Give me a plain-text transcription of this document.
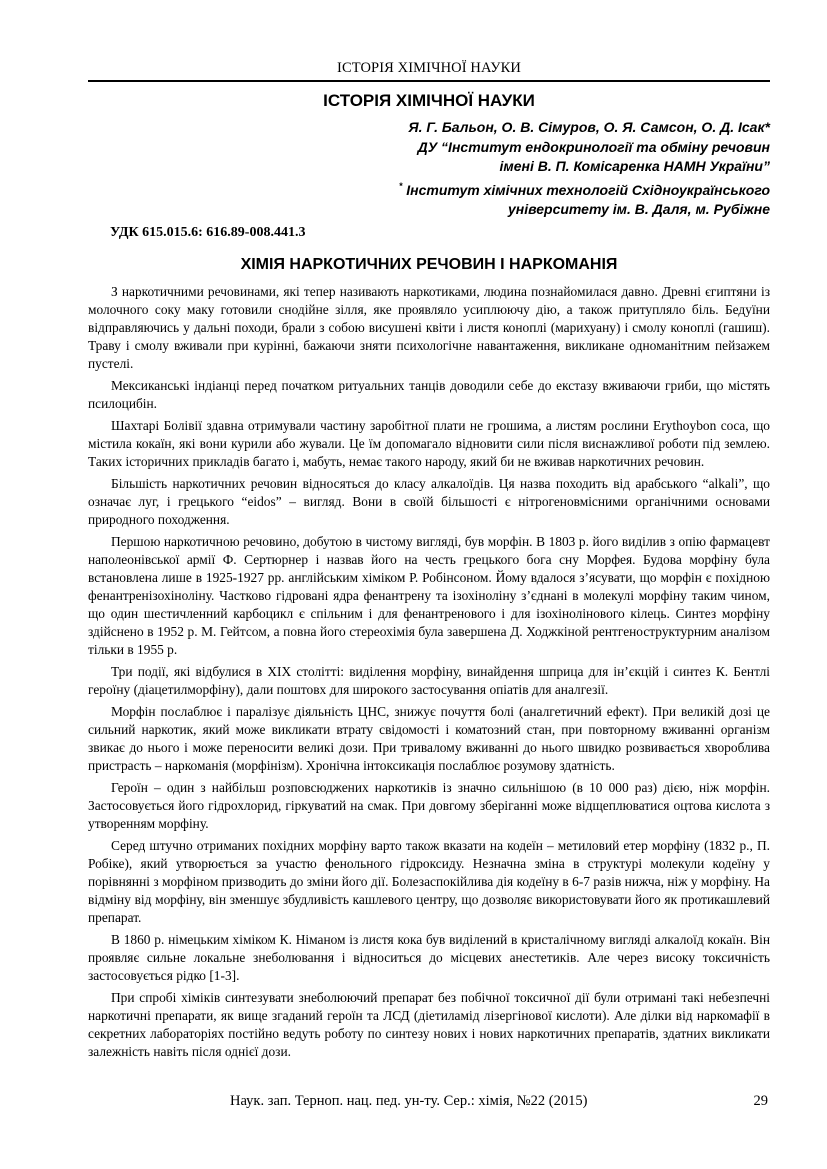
ІСТОРІЯ ХІМІЧНОЇ НАУКИ
ІСТОРІЯ ХІМІЧНОЇ НАУКИ
Я. Г. Бальон, О. В. Сімуров, О. Я. Самсон, О. Д. Ісак*
ДУ “Інститут ендокринології та обміну речовин
імені В. П. Комісаренка НАМН України”
* Інститут хімічних технологій Східноукраїнського
університету ім. В. Даля, м. Рубіжне
УДК 615.015.6: 616.89-008.441.3
ХІМІЯ НАРКОТИЧНИХ РЕЧОВИН І НАРКОМАНІЯ

З наркотичними речовинами, які тепер називають наркотиками, людина познайомилася давно. Древні єгиптяни із молочного соку маку готовили снодійне зілля, яке проявляло усиплюючу дію, а також притупляло біль. Бедуїни відправляючись у дальні походи, брали з собою висушені квіти і листя коноплі (марихуану) і смолу коноплі (гашиш). Траву і смолу вживали при курінні, бажаючи зняти психологічне навантаження, викликане одноманітним пейзажем пустелі.

Мексиканські індіанці перед початком ритуальних танців доводили себе до екстазу вживаючи гриби, що містять псилоцибін.

Шахтарі Болівії здавна отримували частину заробітної плати не грошима, а листям рослини Erythoybon coca, що містила кокаїн, які вони курили або жували. Це їм допомагало відновити сили після виснажливої роботи під землею. Таких історичних прикладів багато і, мабуть, немає такого народу, який би не вживав наркотичних речовин.

Більшість наркотичних речовин відносяться до класу алкалоїдів. Ця назва походить від арабського “alkali”, що означає луг, і грецького “eidos” – вигляд. Вони в своїй більшості є нітрогеновмісними органічними основами природного походження.

Першою наркотичною речовино, добутою в чистому вигляді, був морфін. В 1803 р. його виділив з опію фармацевт наполеонівської армії Ф. Сертюрнер і назвав його на честь грецького бога сну Морфея. Будова морфіну була встановлена лише в 1925-1927 рр. англійським хіміком Р. Робінсоном. Йому вдалося з’ясувати, що морфін є похідною фенантренізохіноліну. Частково гідровані ядра фенантрену та ізохіноліну з’єднані в молекулі морфіну таким чином, що один шестичленний карбоцикл є спільним і для фенантренового і для ізохінолінового кілець. Синтез морфіну здійснено в 1952 р. М. Гейтсом, а повна його стереохімія була завершена Д. Ходжкіной рентгеноструктурним аналізом тільки в 1955 р.

Три події, які відбулися в XIX столітті: виділення морфіну, винайдення шприца для ін’єкцій і синтез К. Бентлі героїну (діацетилморфіну), дали поштовх для широкого застосування опіатів для аналгезії.

Морфін послаблює і паралізує діяльність ЦНС, знижує почуття болі (аналгетичний ефект). При великій дозі це сильний наркотик, який може викликати втрату свідомості і коматозний стан, при повторному вживанні організм звикає до нього і може переносити великі дози. При тривалому вживанні до нього швидко розвивається хвороблива пристрасть – наркоманія (морфінізм). Хронічна інтоксикація послаблює розумову здатність.

Героїн – один з найбільш розповсюджених наркотиків із значно сильнішою (в 10 000 раз) дією, ніж морфін. Застосовується його гідрохлорид, гіркуватий на смак. При довгому зберіганні може відщеплюватися оцтова кислота з утворенням морфіну.

Серед штучно отриманих похідних морфіну варто також вказати на кодеїн – метиловий етер морфіну (1832 р., П. Робіке), який утворюється за участю фенольного гідроксиду. Незначна зміна в структурі молекули кодеїну у порівнянні з морфіном призводить до зміни його дії. Болезаспокійлива дія кодеїну в 6-7 разів нижча, ніж у морфіну. На відміну від морфіну, він зменшує збудливість кашлевого центру, що дозволяє використовувати його як протикашлевий препарат.

В 1860 р. німецьким хіміком К. Німаном із листя кока був виділений в кристалічному вигляді алкалоїд кокаїн. Він проявляє сильне локальне знеболювання і відноситься до місцевих анестетиків. Але через високу токсичність застосовується рідко [1-3].

При спробі хіміків синтезувати знеболюючий препарат без побічної токсичної дії були отримані такі небезпечні наркотичні препарати, як вище згаданий героїн та ЛСД (діетиламід лізергінової кислоти). Але ділки від наркомафії в секретних лабораторіях постійно ведуть роботу по синтезу нових і нових наркотичних препаратів, здатних викликати залежність навіть після однієї дози.

Наук. зап. Терноп. нац. пед. ун-ту. Сер.: хімія, №22 (2015)	29
